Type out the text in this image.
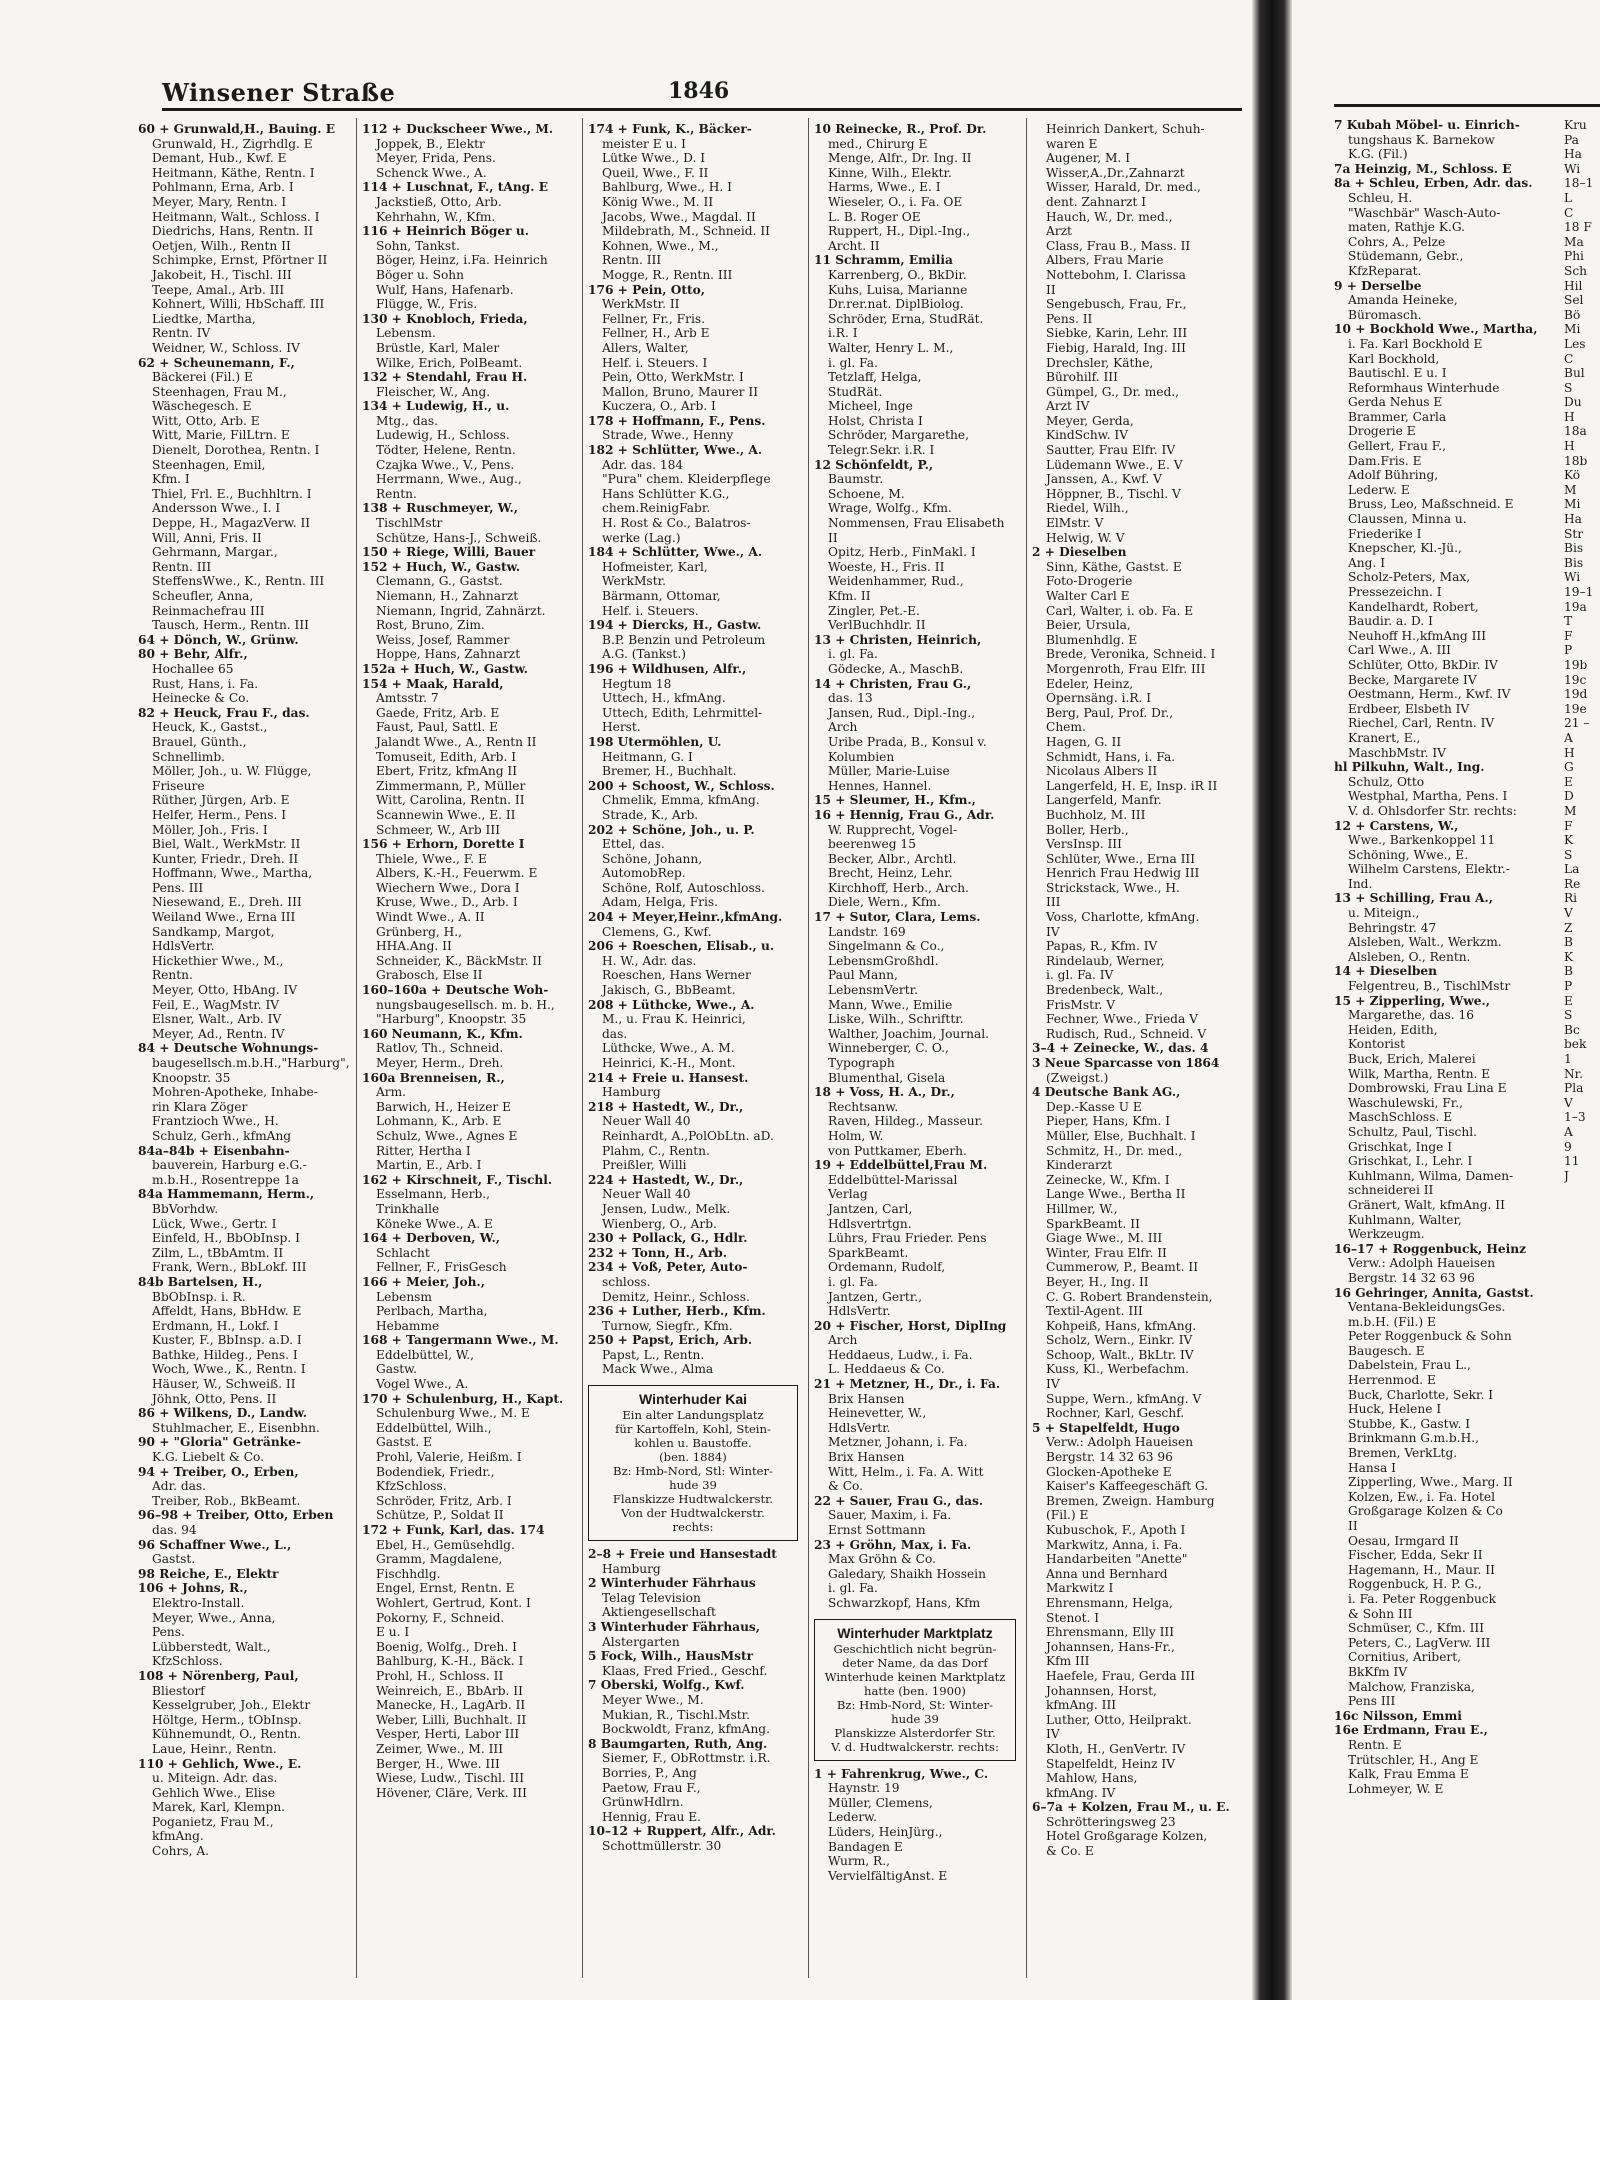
Winsener Straße	1846
60 + Grunwald,H., Bauing. E
Grunwald, H., Zigrhdlg. E
Demant, Hub., Kwf. E
Heitmann, Käthe, Rentn. I
Pohlmann, Erna, Arb. I
Meyer, Mary, Rentn. I
Heitmann, Walt., Schloss. I
Diedrichs, Hans, Rentn. II
Oetjen, Wilh., Rentn II
Schimpke, Ernst, Pförtner II
Jakobeit, H., Tischl. III
Teepe, Amal., Arb. III
Kohnert, Willi, HbSchaff. III
Liedtke, Martha,
Rentn. IV
Weidner, W., Schloss. IV
62 + Scheunemann, F.,
Bäckerei (Fil.) E
Steenhagen, Frau M.,
Wäschegesch. E
Witt, Otto, Arb. E
Witt, Marie, FilLtrn. E
Dienelt, Dorothea, Rentn. I
Steenhagen, Emil,
Kfm. I
Thiel, Frl. E., Buchhltrn. I
Andersson Wwe., I. I
Deppe, H., MagazVerw. II
Will, Anni, Fris. II
Gehrmann, Margar.,
Rentn. III
SteffensWwe., K., Rentn. III
Scheufler, Anna,
Reinmachefrau III
Tausch, Herm., Rentn. III
64 + Dönch, W., Grünw.
80 + Behr, Alfr.,
Hochallee 65
Rust, Hans, i. Fa.
Heinecke & Co.
82 + Heuck, Frau F., das.
Heuck, K., Gastst.,
Brauel, Günth.,
Schnellimb.
Möller, Joh., u. W. Flügge,
Friseure
Rüther, Jürgen, Arb. E
Helfer, Herm., Pens. I
Möller, Joh., Fris. I
Biel, Walt., WerkMstr. II
Kunter, Friedr., Dreh. II
Hoffmann, Wwe., Martha,
Pens. III
Niesewand, E., Dreh. III
Weiland Wwe., Erna III
Sandkamp, Margot,
HdlsVertr.
Hickethier Wwe., M.,
Rentn.
Meyer, Otto, HbAng. IV
Feil, E., WagMstr. IV
Elsner, Walt., Arb. IV
Meyer, Ad., Rentn. IV
84 + Deutsche Wohnungs-
baugesellsch.m.b.H.,"Harburg",
Knoopstr. 35
Mohren-Apotheke, Inhabe-
rin Klara Zöger
Frantzioch Wwe., H.
Schulz, Gerh., kfmAng
84a–84b + Eisenbahn-
bauverein, Harburg e.G.-
m.b.H., Rosentreppe 1a
84a Hammemann, Herm.,
BbVorhdw.
Lück, Wwe., Gertr. I
Einfeld, H., BbObInsp. I
Zilm, L., tBbAmtm. II
Frank, Wern., BbLokf. III
84b Bartelsen, H.,
BbObInsp. i. R.
Affeldt, Hans, BbHdw. E
Erdmann, H., Lokf. I
Kuster, F., BbInsp. a.D. I
Bathke, Hildeg., Pens. I
Woch, Wwe., K., Rentn. I
Häuser, W., Schweiß. II
Jöhnk, Otto, Pens. II
86 + Wilkens, D., Landw.
Stuhlmacher, E., Eisenbhn.
90 + "Gloria" Getränke-
K.G. Liebelt & Co.
94 + Treiber, O., Erben,
Adr. das.
Treiber, Rob., BkBeamt.
96–98 + Treiber, Otto, Erben
das. 94
96 Schaffner Wwe., L.,
Gastst.
98 Reiche, E., Elektr
106 + Johns, R.,
Elektro-Install.
Meyer, Wwe., Anna,
Pens.
Lübberstedt, Walt.,
KfzSchloss.
108 + Nörenberg, Paul,
Bliestorf
Kesselgruber, Joh., Elektr
Höltge, Herm., tObInsp.
Kühnemundt, O., Rentn.
Laue, Heinr., Rentn.
110 + Gehlich, Wwe., E.
u. Miteign. Adr. das.
Gehlich Wwe., Elise
Marek, Karl, Klempn.
Poganietz, Frau M.,
kfmAng.
Cohrs, A.
112 + Duckscheer Wwe., M.
Joppek, B., Elektr
Meyer, Frida, Pens.
Schenck Wwe., A.
114 + Luschnat, F., tAng. E
Jackstieß, Otto, Arb.
Kehrhahn, W., Kfm.
116 + Heinrich Böger u.
Sohn, Tankst.
Böger, Heinz, i.Fa. Heinrich
Böger u. Sohn
Wulf, Hans, Hafenarb.
Flügge, W., Fris.
130 + Knobloch, Frieda,
Lebensm.
Brüstle, Karl, Maler
Wilke, Erich, PolBeamt.
132 + Stendahl, Frau H.
Fleischer, W., Ang.
134 + Ludewig, H., u.
Mtg., das.
Ludewig, H., Schloss.
Tödter, Helene, Rentn.
Czajka Wwe., V., Pens.
Herrmann, Wwe., Aug.,
Rentn.
138 + Ruschmeyer, W.,
TischlMstr
Schütze, Hans-J., Schweiß.
150 + Riege, Willi, Bauer
152 + Huch, W., Gastw.
Clemann, G., Gastst.
Niemann, H., Zahnarzt
Niemann, Ingrid, Zahnärzt.
Rost, Bruno, Zim.
Weiss, Josef, Rammer
Hoppe, Hans, Zahnarzt
152a + Huch, W., Gastw.
154 + Maak, Harald,
Amtsstr. 7
Gaede, Fritz, Arb. E
Faust, Paul, Sattl. E
Jalandt Wwe., A., Rentn II
Tomuseit, Edith, Arb. I
Ebert, Fritz, kfmAng II
Zimmermann, P., Müller
Witt, Carolina, Rentn. II
Scannewin Wwe., E. II
Schmeer, W., Arb III
156 + Erhorn, Dorette I
Thiele, Wwe., F. E
Albers, K.-H., Feuerwm. E
Wiechern Wwe., Dora I
Kruse, Wwe., D., Arb. I
Windt Wwe., A. II
Grünberg, H.,
HHA.Ang. II
Schneider, K., BäckMstr. II
Grabosch, Else II
160–160a + Deutsche Woh-
nungsbaugesellsch. m. b. H.,
"Harburg", Knoopstr. 35
160 Neumann, K., Kfm.
Ratlov, Th., Schneid.
Meyer, Herm., Dreh.
160a Brenneisen, R.,
Arm.
Barwich, H., Heizer E
Lohmann, K., Arb. E
Schulz, Wwe., Agnes E
Ritter, Hertha I
Martin, E., Arb. I
162 + Kirschneit, F., Tischl.
Esselmann, Herb.,
Trinkhalle
Köneke Wwe., A. E
164 + Derboven, W.,
Schlacht
Fellner, F., FrisGesch
166 + Meier, Joh.,
Lebensm
Perlbach, Martha,
Hebamme
168 + Tangermann Wwe., M.
Eddelbüttel, W.,
Gastw.
Vogel Wwe., A.
170 + Schulenburg, H., Kapt.
Schulenburg Wwe., M. E
Eddelbüttel, Wilh.,
Gastst. E
Prohl, Valerie, Heißm. I
Bodendiek, Friedr.,
KfzSchloss.
Schröder, Fritz, Arb. I
Schütze, P., Soldat II
172 + Funk, Karl, das. 174
Ebel, H., Gemüsehdlg.
Gramm, Magdalene,
Fischhdlg.
Engel, Ernst, Rentn. E
Wohlert, Gertrud, Kont. I
Pokorny, F., Schneid.
E u. I
Boenig, Wolfg., Dreh. I
Bahlburg, K.-H., Bäck. I
Prohl, H., Schloss. II
Weinreich, E., BbArb. II
Manecke, H., LagArb. II
Weber, Lilli, Buchhalt. II
Vesper, Herti, Labor III
Zeimer, Wwe., M. III
Berger, H., Wwe. III
Wiese, Ludw., Tischl. III
Hövener, Cläre, Verk. III
174 + Funk, K., Bäcker-
meister E u. I
Lütke Wwe., D. I
Queil, Wwe., F. II
Bahlburg, Wwe., H. I
König Wwe., M. II
Jacobs, Wwe., Magdal. II
Mildebrath, M., Schneid. II
Kohnen, Wwe., M.,
Rentn. III
Mogge, R., Rentn. III
176 + Pein, Otto,
WerkMstr. II
Fellner, Fr., Fris.
Fellner, H., Arb E
Allers, Walter,
Helf. i. Steuers. I
Pein, Otto, WerkMstr. I
Mallon, Bruno, Maurer II
Kuczera, O., Arb. I
178 + Hoffmann, F., Pens.
Strade, Wwe., Henny
182 + Schlütter, Wwe., A.
Adr. das. 184
"Pura" chem. Kleiderpflege
Hans Schlütter K.G.,
chem.ReinigFabr.
H. Rost & Co., Balatros-
werke (Lag.)
184 + Schlütter, Wwe., A.
Hofmeister, Karl,
WerkMstr.
Bärmann, Ottomar,
Helf. i. Steuers.
194 + Diercks, H., Gastw.
B.P. Benzin und Petroleum
A.G. (Tankst.)
196 + Wildhusen, Alfr.,
Hegtum 18
Uttech, H., kfmAng.
Uttech, Edith, Lehrmittel-
Herst.
198 Utermöhlen, U.
Heitmann, G. I
Bremer, H., Buchhalt.
200 + Schoost, W., Schloss.
Chmelik, Emma, kfmAng.
Strade, K., Arb.
202 + Schöne, Joh., u. P.
Ettel, das.
Schöne, Johann,
AutomobRep.
Schöne, Rolf, Autoschloss.
Adam, Helga, Fris.
204 + Meyer,Heinr.,kfmAng.
Clemens, G., Kwf.
206 + Roeschen, Elisab., u.
H. W., Adr. das.
Roeschen, Hans Werner
Jakisch, G., BbBeamt.
208 + Lüthcke, Wwe., A.
M., u. Frau K. Heinrici,
das.
Lüthcke, Wwe., A. M.
Heinrici, K.-H., Mont.
214 + Freie u. Hansest.
Hamburg
218 + Hastedt, W., Dr.,
Neuer Wall 40
Reinhardt, A.,PolObLtn. aD.
Plahm, C., Rentn.
Preißler, Willi
224 + Hastedt, W., Dr.,
Neuer Wall 40
Jensen, Ludw., Melk.
Wienberg, O., Arb.
230 + Pollack, G., Hdlr.
232 + Tonn, H., Arb.
234 + Voß, Peter, Auto-
schloss.
Demitz, Heinr., Schloss.
236 + Luther, Herb., Kfm.
Turnow, Siegfr., Kfm.
250 + Papst, Erich, Arb.
Papst, L., Rentn.
Mack Wwe., Alma
Winterhuder Kai
Ein alter Landungsplatz
für Kartoffeln, Kohl, Stein-
kohlen u. Baustoffe.
(ben. 1884)
Bz: Hmb-Nord, Stl: Winter-
hude 39
Flanskizze Hudtwalckerstr.
Von der Hudtwalckerstr.
rechts:
2–8 + Freie und Hansestadt
Hamburg
2 Winterhuder Fährhaus
Telag Television
Aktiengesellschaft
3 Winterhuder Fährhaus,
Alstergarten
5 Fock, Wilh., HausMstr
Klaas, Fred Fried., Geschf.
7 Oberski, Wolfg., Kwf.
Meyer Wwe., M.
Mukian, R., Tischl.Mstr.
Bockwoldt, Franz, kfmAng.
8 Baumgarten, Ruth, Ang.
Siemer, F., ObRottmstr. i.R.
Borries, P., Ang
Paetow, Frau F.,
GrünwHdlrn.
Hennig, Frau E.
10–12 + Ruppert, Alfr., Adr.
Schottmüllerstr. 30
10 Reinecke, R., Prof. Dr.
med., Chirurg E
Menge, Alfr., Dr. Ing. II
Kinne, Wilh., Elektr.
Harms, Wwe., E. I
Wieseler, O., i. Fa. OE
L. B. Roger OE
Ruppert, H., Dipl.-Ing.,
Archt. II
11 Schramm, Emilia
Karrenberg, O., BkDir.
Kuhs, Luisa, Marianne
Dr.rer.nat. DiplBiolog.
Schröder, Erna, StudRät.
i.R. I
Walter, Henry L. M.,
i. gl. Fa.
Tetzlaff, Helga,
StudRät.
Micheel, Inge
Holst, Christa I
Schröder, Margarethe,
Telegr.Sekr. i.R. I
12 Schönfeldt, P.,
Baumstr.
Schoene, M.
Wrage, Wolfg., Kfm.
Nommensen, Frau Elisabeth
II
Opitz, Herb., FinMakl. I
Woeste, H., Fris. II
Weidenhammer, Rud.,
Kfm. II
Zingler, Pet.-E.
VerlBuchhdlr. II
13 + Christen, Heinrich,
i. gl. Fa.
Gödecke, A., MaschB.
14 + Christen, Frau G.,
das. 13
Jansen, Rud., Dipl.-Ing.,
Arch
Uribe Prada, B., Konsul v.
Kolumbien
Müller, Marie-Luise
Hennes, Hannel.
15 + Sleumer, H., Kfm.,
16 + Hennig, Frau G., Adr.
W. Rupprecht, Vogel-
beerenweg 15
Becker, Albr., Archtl.
Brecht, Heinz, Lehr.
Kirchhoff, Herb., Arch.
Diele, Wern., Kfm.
17 + Sutor, Clara, Lems.
Landstr. 169
Singelmann & Co.,
LebensmGroßhdl.
Paul Mann,
LebensmVertr.
Mann, Wwe., Emilie
Liske, Wilh., Schrifttr.
Walther, Joachim, Journal.
Winneberger, C. O.,
Typograph
Blumenthal, Gisela
18 + Voss, H. A., Dr.,
Rechtsanw.
Raven, Hildeg., Masseur.
Holm, W.
von Puttkamer, Eberh.
19 + Eddelbüttel,Frau M.
Eddelbüttel-Marissal
Verlag
Jantzen, Carl,
Hdlsvertrtgn.
Lührs, Frau Frieder. Pens
SparkBeamt.
Ordemann, Rudolf,
i. gl. Fa.
Jantzen, Gertr.,
HdlsVertr.
20 + Fischer, Horst, DiplIng
Arch
Heddaeus, Ludw., i. Fa.
L. Heddaeus & Co.
21 + Metzner, H., Dr., i. Fa.
Brix Hansen
Heinevetter, W.,
HdlsVertr.
Metzner, Johann, i. Fa.
Brix Hansen
Witt, Helm., i. Fa. A. Witt
& Co.
22 + Sauer, Frau G., das.
Sauer, Maxim, i. Fa.
Ernst Sottmann
23 + Gröhn, Max, i. Fa.
Max Gröhn & Co.
Galedary, Shaikh Hossein
i. gl. Fa.
Schwarzkopf, Hans, Kfm
Winterhuder Marktplatz
Geschichtlich nicht begrün-
deter Name, da das Dorf
Winterhude keinen Marktplatz
hatte (ben. 1900)
Bz: Hmb-Nord, St: Winter-
hude 39
Planskizze Alsterdorfer Str.
V. d. Hudtwalckerstr. rechts:
1 + Fahrenkrug, Wwe., C.
Haynstr. 19
Müller, Clemens,
Lederw.
Lüders, HeinJürg.,
Bandagen E
Wurm, R.,
VervielfältigAnst. E
Heinrich Dankert, Schuh-
waren E
Augener, M. I
Wisser,A.,Dr.,Zahnarzt
Wisser, Harald, Dr. med.,
dent. Zahnarzt I
Hauch, W., Dr. med.,
Arzt
Class, Frau B., Mass. II
Albers, Frau Marie
Nottebohm, I. Clarissa
II
Sengebusch, Frau, Fr.,
Pens. II
Siebke, Karin, Lehr. III
Fiebig, Harald, Ing. III
Drechsler, Käthe,
Bürohilf. III
Gümpel, G., Dr. med.,
Arzt IV
Meyer, Gerda,
KindSchw. IV
Sautter, Frau Elfr. IV
Lüdemann Wwe., E. V
Janssen, A., Kwf. V
Höppner, B., Tischl. V
Riedel, Wilh.,
ElMstr. V
Helwig, W. V
2 + Dieselben
Sinn, Käthe, Gastst. E
Foto-Drogerie
Walter Carl E
Carl, Walter, i. ob. Fa. E
Beier, Ursula,
Blumenhdlg. E
Brede, Veronika, Schneid. I
Morgenroth, Frau Elfr. III
Edeler, Heinz,
Opernsäng. i.R. I
Berg, Paul, Prof. Dr.,
Chem.
Hagen, G. II
Schmidt, Hans, i. Fa.
Nicolaus Albers II
Langerfeld, H. E, Insp. iR II
Langerfeld, Manfr.
Buchholz, M. III
Boller, Herb.,
VersInsp. III
Schlüter, Wwe., Erna III
Henrich Frau Hedwig III
Strickstack, Wwe., H.
III
Voss, Charlotte, kfmAng.
IV
Papas, R., Kfm. IV
Rindelaub, Werner,
i. gl. Fa. IV
Bredenbeck, Walt.,
FrisMstr. V
Fechner, Wwe., Frieda V
Rudisch, Rud., Schneid. V
3–4 + Zeinecke, W., das. 4
3 Neue Sparcasse von 1864
(Zweigst.)
4 Deutsche Bank AG.,
Dep.-Kasse U E
Pieper, Hans, Kfm. I
Müller, Else, Buchhalt. I
Schmitz, H., Dr. med.,
Kinderarzt
Zeinecke, W., Kfm. I
Lange Wwe., Bertha II
Hillmer, W.,
SparkBeamt. II
Giage Wwe., M. III
Winter, Frau Elfr. II
Cummerow, P., Beamt. II
Beyer, H., Ing. II
C. G. Robert Brandenstein,
Textil-Agent. III
Kohpeiß, Hans, kfmAng.
Scholz, Wern., Einkr. IV
Schoop, Walt., BkLtr. IV
Kuss, Kl., Werbefachm.
IV
Suppe, Wern., kfmAng. V
Rochner, Karl, Geschf.
5 + Stapelfeldt, Hugo
Verw.: Adolph Haueisen
Bergstr. 14 32 63 96
Glocken-Apotheke E
Kaiser's Kaffeegeschäft G.
Bremen, Zweign. Hamburg
(Fil.) E
Kubuschok, F., Apoth I
Markwitz, Anna, i. Fa.
Handarbeiten "Anette"
Anna und Bernhard
Markwitz I
Ehrensmann, Helga,
Stenot. I
Ehrensmann, Elly III
Johannsen, Hans-Fr.,
Kfm III
Haefele, Frau, Gerda III
Johannsen, Horst,
kfmAng. III
Luther, Otto, Heilprakt.
IV
Kloth, H., GenVertr. IV
Stapelfeldt, Heinz IV
Mahlow, Hans,
kfmAng. IV
6–7a + Kolzen, Frau M., u. E.
Schrötteringsweg 23
Hotel Großgarage Kolzen,
& Co. E
7 Kubah Möbel- u. Einrich-
tungshaus K. Barnekow
K.G. (Fil.)
7a Heinzig, M., Schloss. E
8a + Schleu, Erben, Adr. das.
Schleu, H.
"Waschbär" Wasch-Auto-
maten, Rathje K.G.
Cohrs, A., Pelze
Stüdemann, Gebr.,
KfzReparat.
9 + Derselbe
Amanda Heineke,
Büromasch.
10 + Bockhold Wwe., Martha,
i. Fa. Karl Bockhold E
Karl Bockhold,
Bautischl. E u. I
Reformhaus Winterhude
Gerda Nehus E
Brammer, Carla
Drogerie E
Gellert, Frau F.,
Dam.Fris. E
Adolf Bühring,
Lederw. E
Bruss, Leo, Maßschneid. E
Claussen, Minna u.
Friederike I
Knepscher, Kl.-Jü.,
Ang. I
Scholz-Peters, Max,
Pressezeichn. I
Kandelhardt, Robert,
Baudir. a. D. I
Neuhoff H.,kfmAng III
Carl Wwe., A. III
Schlüter, Otto, BkDir. IV
Becke, Margarete IV
Oestmann, Herm., Kwf. IV
Erdbeer, Elsbeth IV
Riechel, Carl, Rentn. IV
Kranert, E.,
MaschbMstr. IV
hl Pilkuhn, Walt., Ing.
Schulz, Otto
Westphal, Martha, Pens. I
V. d. Ohlsdorfer Str. rechts:
12 + Carstens, W.,
Wwe., Barkenkoppel 11
Schöning, Wwe., E.
Wilhelm Carstens, Elektr.-
Ind.
13 + Schilling, Frau A.,
u. Miteign.,
Behringstr. 47
Alsleben, Walt., Werkzm.
Alsleben, O., Rentn.
14 + Dieselben
Felgentreu, B., TischlMstr
15 + Zipperling, Wwe.,
Margarethe, das. 16
Heiden, Edith,
Kontorist
Buck, Erich, Malerei
Wilk, Martha, Rentn. E
Dombrowski, Frau Lina E
Waschulewski, Fr.,
MaschSchloss. E
Schultz, Paul, Tischl.
Grischkat, Inge I
Grischkat, I., Lehr. I
Kuhlmann, Wilma, Damen-
schneiderei II
Gränert, Walt, kfmAng. II
Kuhlmann, Walter,
Werkzeugm.
16–17 + Roggenbuck, Heinz
Verw.: Adolph Haueisen
Bergstr. 14 32 63 96
16 Gehringer, Annita, Gastst.
Ventana-BekleidungsGes.
m.b.H. (Fil.) E
Peter Roggenbuck & Sohn
Baugesch. E
Dabelstein, Frau L.,
Herrenmod. E
Buck, Charlotte, Sekr. I
Huck, Helene I
Stubbe, K., Gastw. I
Brinkmann G.m.b.H.,
Bremen, VerkLtg.
Hansa I
Zipperling, Wwe., Marg. II
Kolzen, Ew., i. Fa. Hotel
Großgarage Kolzen & Co
II
Oesau, Irmgard II
Fischer, Edda, Sekr II
Hagemann, H., Maur. II
Roggenbuck, H. P. G.,
i. Fa. Peter Roggenbuck
& Sohn III
Schmüser, C., Kfm. III
Peters, C., LagVerw. III
Cornitius, Aribert,
BkKfm IV
Malchow, Franziska,
Pens III
16c Nilsson, Emmi
16e Erdmann, Frau E.,
Rentn. E
Trütschler, H., Ang E
Kalk, Frau Emma E
Lohmeyer, W. E
Kru
Pa
Ha
Wi
18–1
L
C
18 F
Ma
Phi
Sch
Hil
Sel
Bö
Mi
Les
C
Bul
S
Du
H
18a
H
18b
Kö
M
Mi
Ha
Str
Bis
Bis
Wi
19–1
19a
T
F
P
19b
19c
19d
19e
21 –
A
H
G
E
D
M
F
K
S
La
Re
Ri
V
Z
B
K
B
P
E
S
Bc
bek
1
Nr.
Pla
V
1–3
A
9
11
J
